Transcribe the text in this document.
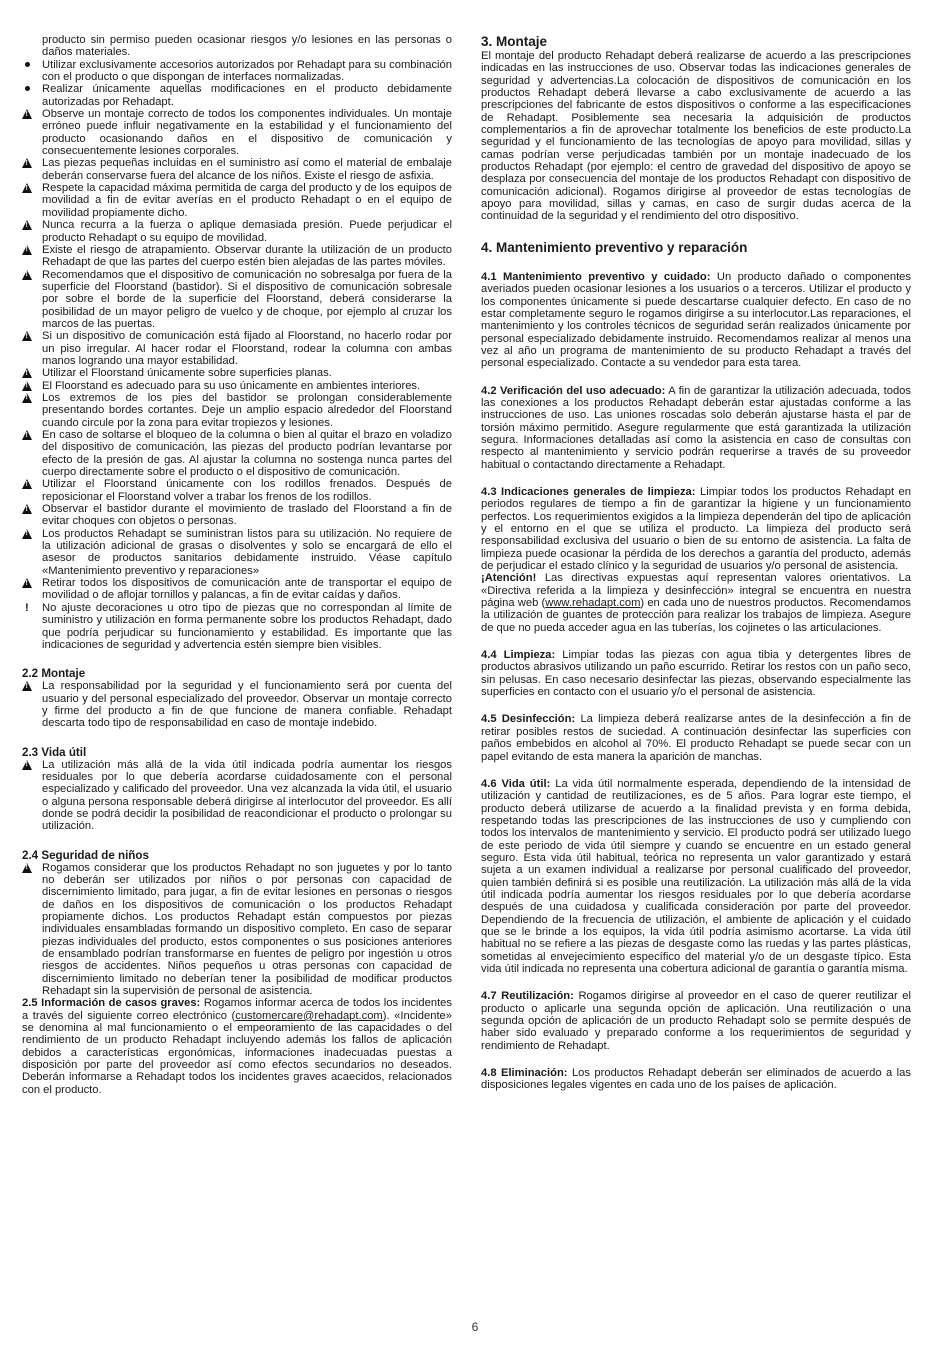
producto sin permiso pueden ocasionar riesgos y/o lesiones en las personas o daños materiales.
Utilizar exclusivamente accesorios autorizados por Rehadapt para su combinación con el producto o que dispongan de interfaces normalizadas.
Realizar únicamente aquellas modificaciones en el producto debidamente autorizadas por Rehadapt.
!
Observe un montaje correcto de todos los componentes individuales. Un montaje erróneo puede influir negativamente en la estabilidad y el funcionamiento del producto ocasionando daños en el dispositivo de comunicación y consecuentemente lesiones corporales.
!
Las piezas pequeñas incluidas en el suministro así como el material de embalaje deberán conservarse fuera del alcance de los niños. Existe el riesgo de asfixia.
!
Respete la capacidad máxima permitida de carga del producto y de los equipos de movilidad a fin de evitar averías en el producto Rehadapt o en el equipo de movilidad propiamente dicho.
!
Nunca recurra a la fuerza o aplique demasiada presión. Puede perjudicar el producto Rehadapt o su equipo de movilidad.
!
Existe el riesgo de atrapamiento. Observar durante la utilización de un producto Rehadapt de que las partes del cuerpo estén bien alejadas de las partes móviles.
!
Recomendamos que el dispositivo de comunicación no sobresalga por fuera de la superficie del Floorstand (bastidor). Si el dispositivo de comunicación sobresale por sobre el borde de la superficie del Floorstand, deberá considerarse la posibilidad de un mayor peligro de vuelco y de choque, por ejemplo al cruzar los marcos de las puertas.
!
Si un dispositivo de comunicación está fijado al Floorstand, no hacerlo rodar por un piso irregular. Al hacer rodar el Floorstand, rodear la columna con ambas manos logrando una mayor estabilidad.
!
Utilizar el Floorstand únicamente sobre superficies planas.
!
El Floorstand es adecuado para su uso únicamente en ambientes interiores.
!
Los extremos de los pies del bastidor se prolongan considerablemente presentando bordes cortantes. Deje un amplio espacio alrededor del Floorstand cuando circule por la zona para evitar tropiezos y lesiones.
!
En caso de soltarse el bloqueo de la columna o bien al quitar el brazo en voladizo del dispositivo de comunicación, las piezas del producto podrían levantarse por efecto de la presión de gas. Al ajustar la columna no sostenga nunca partes del cuerpo directamente sobre el producto o el dispositivo de comunicación.
!
Utilizar el Floorstand únicamente con los rodillos frenados. Después de reposicionar el Floorstand volver a trabar los frenos de los rodillos.
!
Observar el bastidor durante el movimiento de traslado del Floorstand a fin de evitar choques con objetos o personas.
!
Los productos Rehadapt se suministran listos para su utilización. No requiere de la utilización adicional de grasas o disolventes y solo se encargará de ello el asesor de productos sanitarios debidamente instruido. Véase capítulo «Mantenimiento preventivo y reparaciones»
!
Retirar todos los dispositivos de comunicación ante de transportar el equipo de movilidad o de aflojar tornillos y palancas, a fin de evitar caídas y daños.
!	No ajuste decoraciones u otro tipo de piezas que no correspondan al límite de suministro y utilización en forma permanente sobre los productos Rehadapt, dado que podría perjudicar su funcionamiento y estabilidad. Es importante que las indicaciones de seguridad y advertencia estén siempre bien visibles.
2.2 Montaje
!
La responsabilidad por la seguridad y el funcionamiento será por cuenta del usuario y del personal especializado del proveedor. Observar un montaje correcto y firme del producto a fin de que funcione de manera confiable. Rehadapt descarta todo tipo de responsabilidad en caso de montaje indebido.
2.3 Vida útil
!
La utilización más allá de la vida útil indicada podría aumentar los riesgos residuales por lo que debería acordarse cuidadosamente con el personal especializado y calificado del proveedor. Una vez alcanzada la vida útil, el usuario o alguna persona responsable deberá dirigirse al interlocutor del proveedor. Es allí donde se podrá decidir la posibilidad de reacondicionar el producto o prolongar su utilización.
2.4 Seguridad de niños
!
Rogamos considerar que los productos Rehadapt no son juguetes y por lo tanto no deberán ser utilizados por niños o por personas con capacidad de discernimiento limitado, para jugar, a fin de evitar lesiones en personas o riesgos de daños en los dispositivos de comunicación o los productos Rehadapt propiamente dichos. Los productos Rehadapt están compuestos por piezas individuales ensambladas formando un dispositivo completo. En caso de separar piezas individuales del producto, estos componentes o sus posiciones anteriores de ensamblado podrían transformarse en fuentes de peligro por ingestión u otros riesgos de accidentes. Niños pequeños u otras personas con capacidad de discernimiento limitado no deberían tener la posibilidad de modificar productos Rehadapt sin la supervisión de personal de asistencia.

2.5 Información de casos graves: Rogamos informar acerca de todos los incidentes a través del siguiente correo electrónico (customercare@rehadapt.com). «Incidente» se denomina al mal funcionamiento o el empeoramiento de las capacidades o del rendimiento de un producto Rehadapt incluyendo además los fallos de aplicación debidos a características ergonómicas, informaciones inadecuadas puestas a disposición por parte del proveedor así como efectos secundarios no deseados. Deberán informarse a Rehadapt todos los incidentes graves acaecidos, relacionados con el producto.

3. Montaje

El montaje del producto Rehadapt deberá realizarse de acuerdo a las prescripciones indicadas en las instrucciones de uso. Observar todas las indicaciones generales de seguridad y advertencias.La colocación de dispositivos de comunicación en los productos Rehadapt deberá llevarse a cabo exclusivamente de acuerdo a las prescripciones del fabricante de estos dispositivos o conforme a las especificaciones de Rehadapt. Posiblemente sea necesaria la adquisición de productos complementarios a fin de aprovechar totalmente los beneficios de este producto.La seguridad y el funcionamiento de las tecnologías de apoyo para movilidad, sillas y camas podrían verse perjudicadas también por un montaje inadecuado de los productos Rehadapt (por ejemplo: el centro de gravedad del dispositivo de apoyo se desplaza por consecuencia del montaje de los productos Rehadapt con dispositivo de comunicación adicional). Rogamos dirigirse al proveedor de estas tecnologías de apoyo para movilidad, sillas y camas, en caso de surgir dudas acerca de la continuidad de la seguridad y el rendimiento del otro dispositivo.

4. Mantenimiento preventivo y reparación

4.1 Mantenimiento preventivo y cuidado: Un producto dañado o componentes averiados pueden ocasionar lesiones a los usuarios o a terceros. Utilizar el producto y los componentes únicamente si puede descartarse cualquier defecto. En caso de no estar completamente seguro le rogamos dirigirse a su interlocutor.Las reparaciones, el mantenimiento y los controles técnicos de seguridad serán realizados únicamente por personal especializado debidamente instruido. Recomendamos realizar al menos una vez al año un programa de mantenimiento de su producto Rehadapt a través del personal especializado. Contacte a su vendedor para esta tarea.

4.2 Verificación del uso adecuado: A fin de garantizar la utilización adecuada, todos las conexiones a los productos Rehadapt deberán estar ajustadas conforme a las instrucciones de uso. Las uniones roscadas solo deberán ajustarse hasta el par de torsión máximo permitido. Asegure regularmente que está garantizada la utilización segura. Informaciones detalladas así como la asistencia en caso de consultas con respecto al mantenimiento y servicio podrán requerirse a través de su proveedor habitual o contactando directamente a Rehadapt.

4.3 Indicaciones generales de limpieza: Limpiar todos los productos Rehadapt en periodos regulares de tiempo a fin de garantizar la higiene y un funcionamiento perfectos. Los requerimientos exigidos a la limpieza dependerán del tipo de aplicación y el entorno en el que se utiliza el producto. La limpieza del producto será responsabilidad exclusiva del usuario o bien de su entorno de asistencia. La falta de limpieza puede ocasionar la pérdida de los derechos a garantía del producto, además de perjudicar el estado clínico y la seguridad de usuarios y/o personal de asistencia.
¡Atención! Las directivas expuestas aquí representan valores orientativos. La «Directiva referida a la limpieza y desinfección» integral se encuentra en nuestra página web (www.rehadapt.com) en cada uno de nuestros productos. Recomendamos la utilización de guantes de protección para realizar los trabajos de limpieza. Asegure de que no pueda acceder agua en las tuberías, los cojinetes o las articulaciones.

4.4 Limpieza: Limpiar todas las piezas con agua tibia y detergentes libres de productos abrasivos utilizando un paño escurrido. Retirar los restos con un paño seco, sin pelusas. En caso necesario desinfectar las piezas, observando especialmente las superficies en contacto con el usuario y/o el personal de asistencia.

4.5 Desinfección: La limpieza deberá realizarse antes de la desinfección a fin de retirar posibles restos de suciedad. A continuación desinfectar las superficies con paños embebidos en alcohol al 70%. El producto Rehadapt se puede secar con un papel evitando de esta manera la aparición de manchas.

4.6 Vida útil: La vida útil normalmente esperada, dependiendo de la intensidad de utilización y cantidad de reutilizaciones, es de 5 años. Para lograr este tiempo, el producto deberá utilizarse de acuerdo a la finalidad prevista y en forma debida, respetando todas las prescripciones de las instrucciones de uso y cumpliendo con todos los intervalos de mantenimiento y servicio. El producto podrá ser utilizado luego de este periodo de vida útil siempre y cuando se encuentre en un estado general seguro. Esta vida útil habitual, teórica no representa un valor garantizado y estará sujeta a un examen individual a realizarse por personal cualificado del proveedor, quien también definirá si es posible una reutilización. La utilización más allá de la vida útil indicada podría aumentar los riesgos residuales por lo que debería acordarse después de una cuidadosa y cualificada consideración por parte del proveedor. Dependiendo de la frecuencia de utilización, el ambiente de aplicación y el cuidado que se le brinde a los equipos, la vida útil podría asimismo acortarse. La vida útil habitual no se refiere a las piezas de desgaste como las ruedas y las partes plásticas, sometidas al envejecimiento específico del material y/o de un desgaste típico. Esta vida útil indicada no representa una cobertura adicional de garantía o garantía misma.

4.7 Reutilización: Rogamos dirigirse al proveedor en el caso de querer reutilizar el producto o aplicarle una segunda opción de aplicación. Una reutilización o una segunda opción de aplicación de un producto Rehadapt solo se permite después de haber sido evaluado y preparado conforme a los requerimientos de seguridad y rendimiento de Rehadapt.

4.8 Eliminación: Los productos Rehadapt deberán ser eliminados de acuerdo a las disposiciones legales vigentes en cada uno de los países de aplicación.

6
